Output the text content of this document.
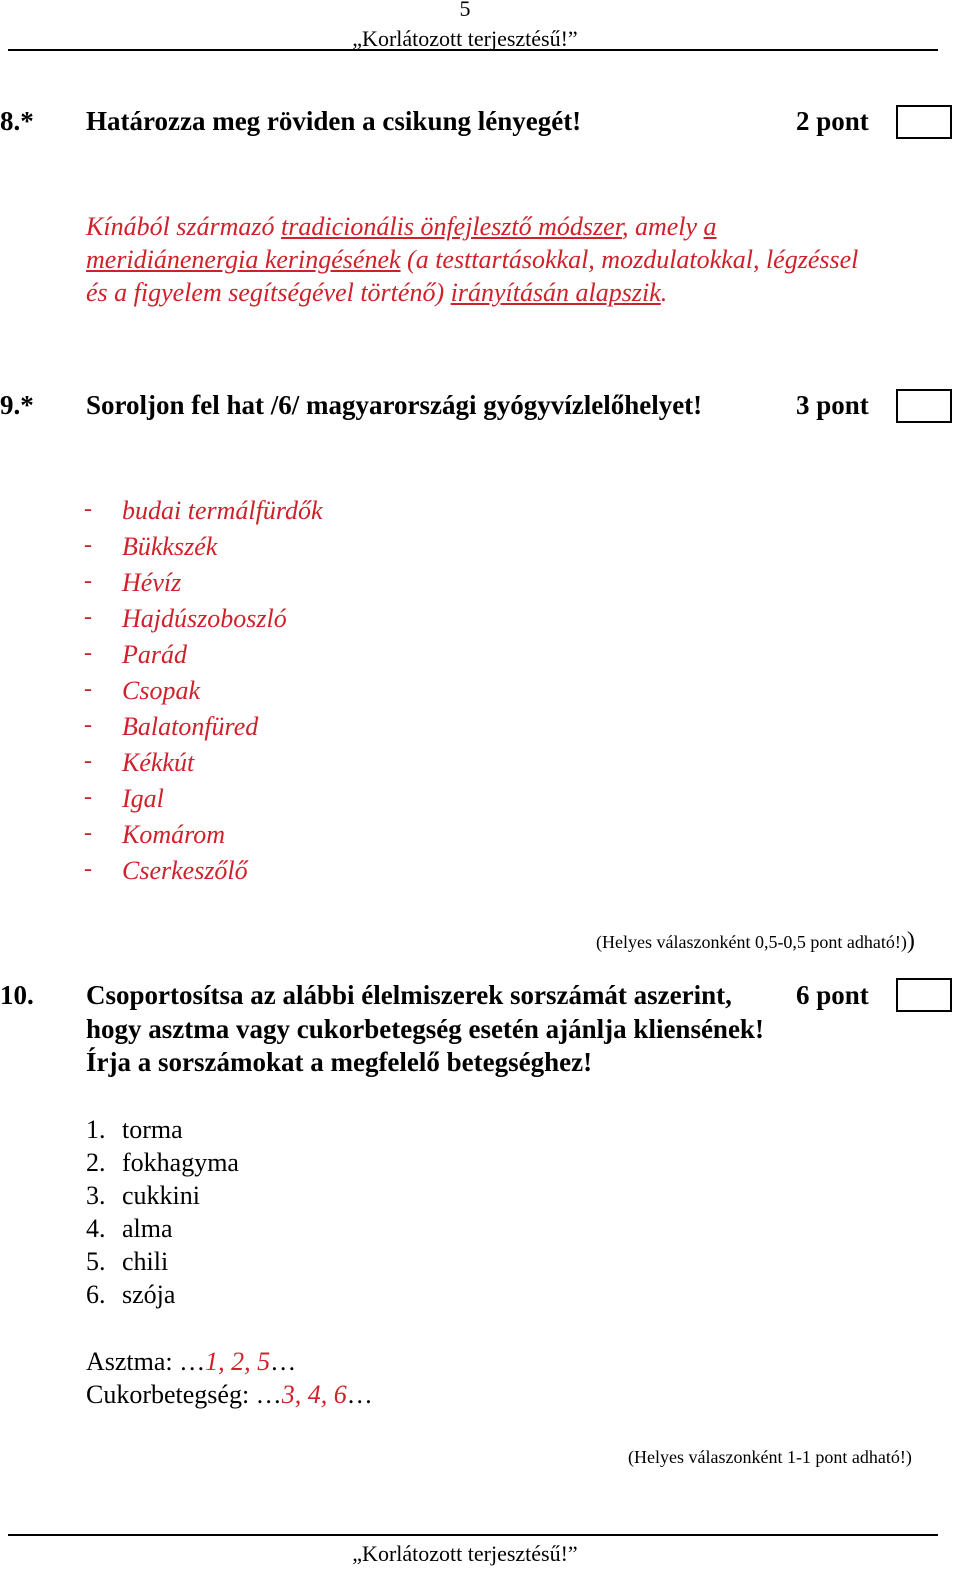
5
„Korlátozott terjesztésű!”
8.* Határozza meg röviden a csikung lényegét!	2 pont
Kínából származó tradicionális önfejlesztő módszer, amely a
meridiánenergia keringésének (a testtartásokkal, mozdulatokkal, légzéssel
és a figyelem segítségével történő) irányításán alapszik.
9.* Soroljon fel hat /6/ magyarországi gyógyvízlelőhelyet!	3 pont
- budai termálfürdők
- Bükkszék
- Hévíz
- Hajdúszoboszló
- Parád
- Csopak
- Balatonfüred
- Kékkút
- Igal
- Komárom
- Cserkeszőlő
(Helyes válaszonként 0,5-0,5 pont adható!))
10. Csoportosítsa az alábbi élelmiszerek sorszámát aszerint, 6 pont
hogy asztma vagy cukorbetegség esetén ajánlja kliensének!
Írja a sorszámokat a megfelelő betegséghez!
1. torma
2. fokhagyma
3. cukkini
4. alma
5. chili
6. szója
Asztma: …1, 2, 5…
Cukorbetegség: …3, 4, 6…
(Helyes válaszonként 1-1 pont adható!)
„Korlátozott terjesztésű!”
